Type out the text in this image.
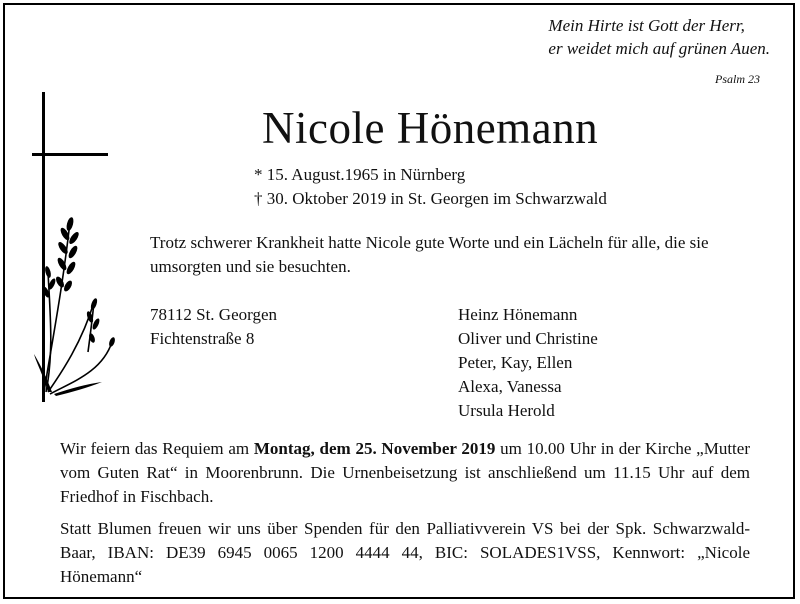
Mein Hirte ist Gott der Herr,
er weidet mich auf grünen Auen.
Psalm 23
Nicole Hönemann
* 15. August.1965 in Nürnberg
† 30. Oktober 2019 in St. Georgen im Schwarzwald
Trotz schwerer Krankheit hatte Nicole gute Worte und ein Lächeln für alle, die sie umsorgten und sie besuchten.
78112 St. Georgen
Fichtenstraße 8
Heinz Hönemann
Oliver und Christine
Peter, Kay, Ellen
Alexa, Vanessa
Ursula Herold
Wir feiern das Requiem am Montag, dem 25. November 2019 um 10.00 Uhr in der Kirche „Mutter vom Guten Rat“ in Moorenbrunn. Die Urnenbeisetzung ist anschließend um 11.15 Uhr auf dem Friedhof in Fischbach.
Statt Blumen freuen wir uns über Spenden für den Palliativverein VS bei der Spk. Schwarzwald-Baar, IBAN: DE39 6945 0065 1200 4444 44, BIC: SOLADES1VSS, Kennwort: „Nicole Hönemann“
